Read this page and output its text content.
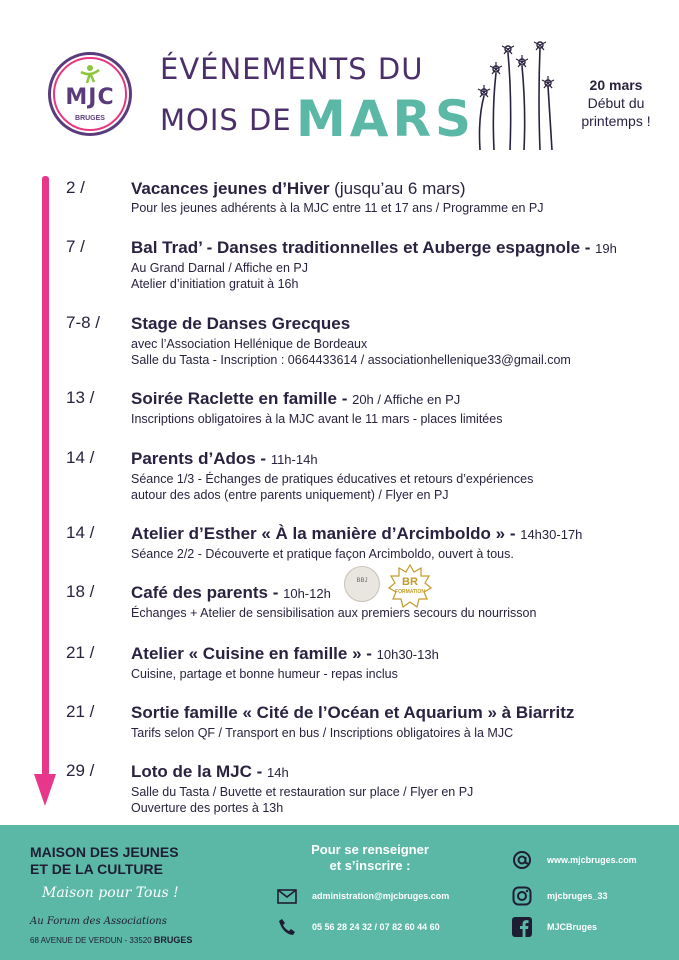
MJC
BRUGES
ÉVÉNEMENTS DU
MOIS DE MARS
20 mars
Début du
printemps !
2 /	Vacances jeunes d’Hiver (jusqu’au 6 mars)
Pour les jeunes adhérents à la MJC entre 11 et 17 ans / Programme en PJ
7 /	Bal Trad’ - Danses traditionnelles et Auberge espagnole - 19h
Au Grand Darnal / Affiche en PJ
Atelier d’initiation gratuit à 16h
7-8 / Stage de Danses Grecques
avec l’Association Hellénique de Bordeaux
Salle du Tasta - Inscription : 0664433614 / associationhellenique33@gmail.com
13 / Soirée Raclette en famille - 20h / Affiche en PJ
Inscriptions obligatoires à la MJC avant le 11 mars - places limitées
14 / Parents d’Ados - 11h-14h
Séance 1/3 - Échanges de pratiques éducatives et retours d’expériences
autour des ados (entre parents uniquement) / Flyer en PJ
14 / Atelier d’Esther « À la manière d’Arcimboldo » - 14h30-17h
Séance 2/2 - Découverte et pratique façon Arcimboldo, ouvert à tous.
18 / Café des parents - 10h-12h
Échanges + Atelier de sensibilisation aux premiers secours du nourrisson
BBJ	BR
FORMATION
21 / Atelier « Cuisine en famille » - 10h30-13h
Cuisine, partage et bonne humeur - repas inclus
21 / Sortie famille « Cité de l’Océan et Aquarium » à Biarritz
Tarifs selon QF / Transport en bus / Inscriptions obligatoires à la MJC
29 / Loto de la MJC - 14h
Salle du Tasta / Buvette et restauration sur place / Flyer en PJ
Ouverture des portes à 13h
MAISON DES JEUNES
ET DE LA CULTURE
Maison pour Tous !
Au Forum des Associations
68 AVENUE DE VERDUN - 33520 BRUGES
Pour se renseigner
et s’inscrire :
administration@mjcbruges.com
05 56 28 24 32 / 07 82 60 44 60
www.mjcbruges.com
mjcbruges_33
MJCBruges
